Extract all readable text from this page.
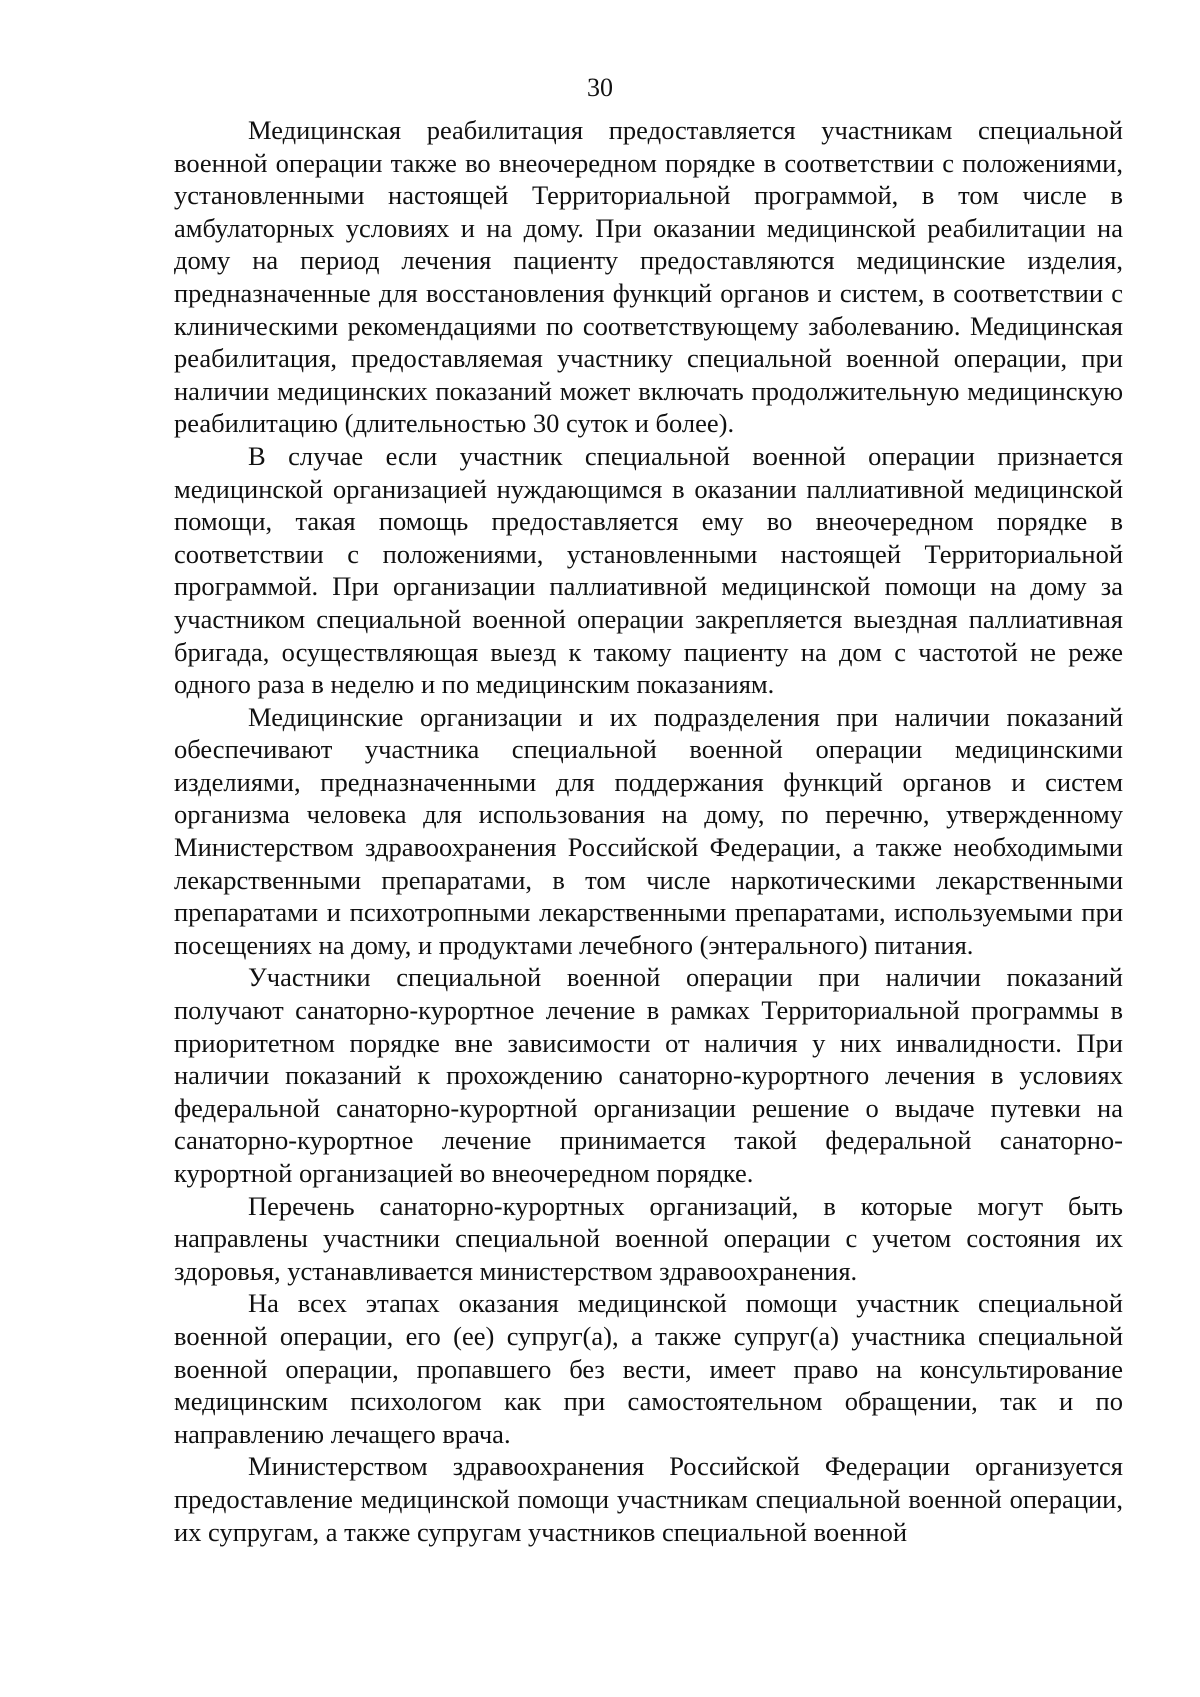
30

Медицинская реабилитация предоставляется участникам специальной военной операции также во внеочередном порядке в соответствии с положениями, установленными настоящей Территориальной программой, в том числе в амбулаторных условиях и на дому. При оказании медицинской реабилитации на дому на период лечения пациенту предоставляются медицинские изделия, предназначенные для восстановления функций органов и систем, в соответствии с клиническими рекомендациями по соответствующему заболеванию. Медицинская реабилитация, предоставляемая участнику специальной военной операции, при наличии медицинских показаний может включать продолжительную медицинскую реабилитацию (длительностью 30 суток и более).

В случае если участник специальной военной операции признается медицинской организацией нуждающимся в оказании паллиативной медицинской помощи, такая помощь предоставляется ему во внеочередном порядке в соответствии с положениями, установленными настоящей Территориальной программой. При организации паллиативной медицинской помощи на дому за участником специальной военной операции закрепляется выездная паллиативная бригада, осуществляющая выезд к такому пациенту на дом с частотой не реже одного раза в неделю и по медицинским показаниям.

Медицинские организации и их подразделения при наличии показаний обеспечивают участника специальной военной операции медицинскими изделиями, предназначенными для поддержания функций органов и систем организма человека для использования на дому, по перечню, утвержденному Министерством здравоохранения Российской Федерации, а также необходимыми лекарственными препаратами, в том числе наркотическими лекарственными препаратами и психотропными лекарственными препаратами, используемыми при посещениях на дому, и продуктами лечебного (энтерального) питания.

Участники специальной военной операции при наличии показаний получают санаторно-курортное лечение в рамках Территориальной программы в приоритетном порядке вне зависимости от наличия у них инвалидности. При наличии показаний к прохождению санаторно-курортного лечения в условиях федеральной санаторно-курортной организации решение о выдаче путевки на санаторно-курортное лечение принимается такой федеральной санаторно-курортной организацией во внеочередном порядке.

Перечень санаторно-курортных организаций, в которые могут быть направлены участники специальной военной операции с учетом состояния их здоровья, устанавливается министерством здравоохранения.

На всех этапах оказания медицинской помощи участник специальной военной операции, его (ее) супруг(а), а также супруг(а) участника специальной военной операции, пропавшего без вести, имеет право на консультирование медицинским психологом как при самостоятельном обращении, так и по направлению лечащего врача.

Министерством здравоохранения Российской Федерации организуется предоставление медицинской помощи участникам специальной военной операции, их супругам, а также супругам участников специальной военной
